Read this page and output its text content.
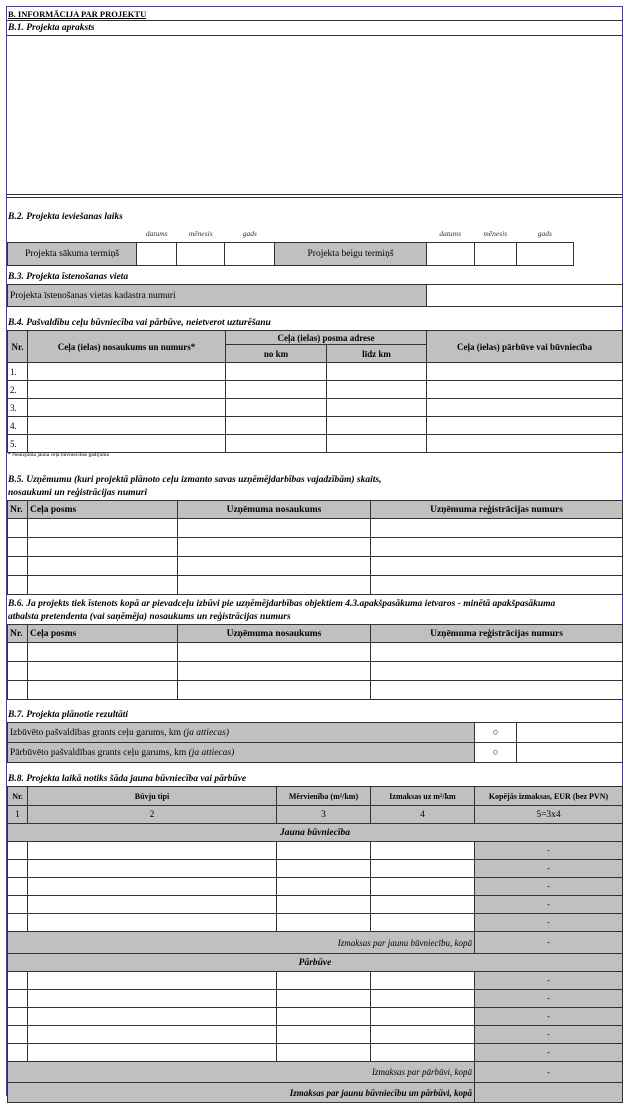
B. INFORMĀCIJA PAR PROJEKTU
B.1. Projekta apraksts
B.2. Projekta ieviešanas laiks
			datums	mēnesis	gads				datums	mēnesis	gads	
Projekta sākuma termiņš						Projekta beigu termiņš						
B.3. Projekta īstenošanas vieta
Projekta īstenošanas vietas kadastra numuri	
B.4. Pašvaldību ceļu būvniecība vai pārbūve, neietverot uzturēšanu
Nr.	Ceļa (ielas) nosaukums un numurs*	Ceļa (ielas) posma adrese		Ceļa (ielas) pārbūve vai būvniecība
		no km	līdz km	
1.				
2.				
3.				
4.				
5.				
* Neaizpilda jauna ceļa būvniecības gadījumā
B.5. Uzņēmumu (kuri projektā plānoto ceļu izmanto savas uzņēmējdarbības vajadzībām) skaits,
nosaukumi un reģistrācijas numuri
Nr.	Ceļa posms	Uzņēmuma nosaukums	Uzņēmuma reģistrācijas numurs

B.6. Ja projekts tiek īstenots kopā ar pievadceļu izbūvi pie uzņēmējdarbības objektiem 4.3.apakšpasākuma ietvaros - minētā apakšpasākuma
atbalsta pretendenta (vai saņēmēja) nosaukums un reģistrācijas numurs
Nr.	Ceļa posms	Uzņēmuma nosaukums	Uzņēmuma reģistrācijas numurs

B.7. Projekta plānotie rezultāti
Izbūvēto pašvaldības grants ceļu garums, km (ja attiecas)	○	
Pārbūvēto pašvaldības grants ceļu garums, km (ja attiecas)	○	
B.8. Projekta laikā notiks šāda jauna būvniecība vai pārbūve
Nr.	Būvju tipi	Mērvienība (m²/km)	Izmaksas uz m²/km	Kopējās izmaksas, EUR (bez PVN)
1	2	3	4	5=3x4
Jauna būvniecība				
				-
				-
				-
				-
				-
Izmaksas par jaunu būvniecību, kopā				-
Pārbūve				
				-
				-
				-
				-
				-
Izmaksas par pārbūvi, kopā				-
Izmaksas par jaunu būvniecību un pārbūvi, kopā				
